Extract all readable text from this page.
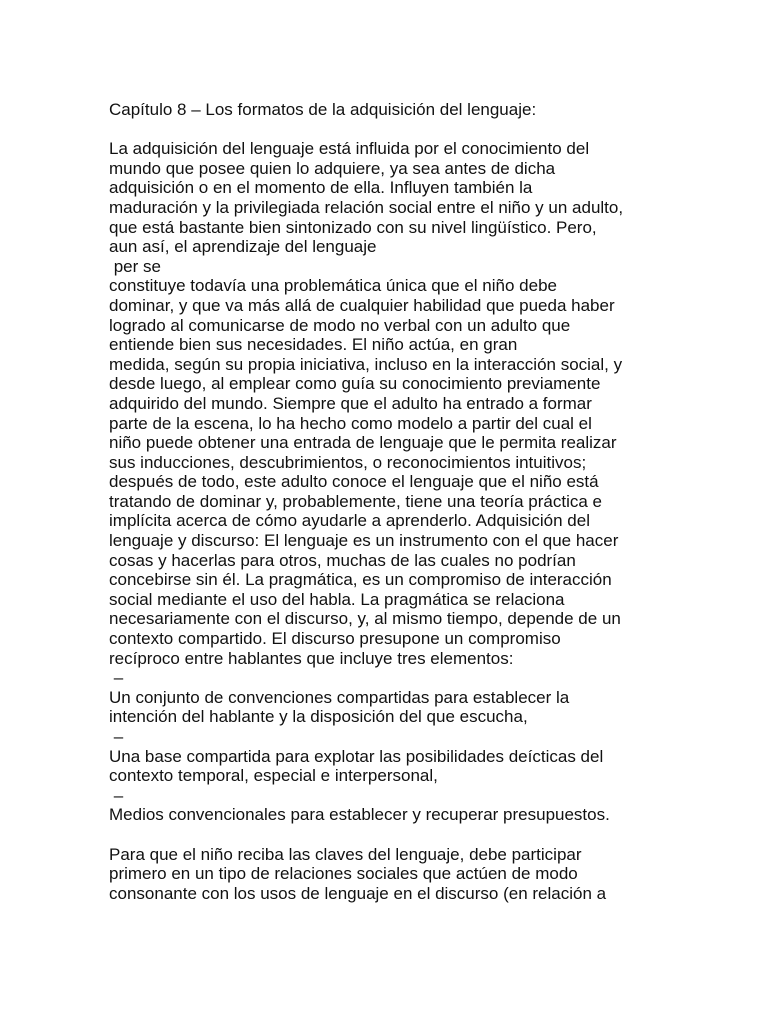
Capítulo 8 – Los formatos de la adquisición del lenguaje:
La adquisición del lenguaje está influida por el conocimiento del
mundo que posee quien lo adquiere, ya sea antes de dicha
adquisición o en el momento de ella. Influyen también la
maduración y la privilegiada relación social entre el niño y un adulto,
que está bastante bien sintonizado con su nivel lingüístico. Pero,
aun así, el aprendizaje del lenguaje
per se
constituye todavía una problemática única que el niño debe
dominar, y que va más allá de cualquier habilidad que pueda haber
logrado al comunicarse de modo no verbal con un adulto que
entiende bien sus necesidades. El niño actúa, en gran
medida, según su propia iniciativa, incluso en la interacción social, y
desde luego, al emplear como guía su conocimiento previamente
adquirido del mundo. Siempre que el adulto ha entrado a formar
parte de la escena, lo ha hecho como modelo a partir del cual el
niño puede obtener una entrada de lenguaje que le permita realizar
sus inducciones, descubrimientos, o reconocimientos intuitivos;
después de todo, este adulto conoce el lenguaje que el niño está
tratando de dominar y, probablemente, tiene una teoría práctica e
implícita acerca de cómo ayudarle a aprenderlo. Adquisición del
lenguaje y discurso: El lenguaje es un instrumento con el que hacer
cosas y hacerlas para otros, muchas de las cuales no podrían
concebirse sin él. La pragmática, es un compromiso de interacción
social mediante el uso del habla. La pragmática se relaciona
necesariamente con el discurso, y, al mismo tiempo, depende de un
contexto compartido. El discurso presupone un compromiso
recíproco entre hablantes que incluye tres elementos:
–
Un conjunto de convenciones compartidas para establecer la
intención del hablante y la disposición del que escucha,
–
Una base compartida para explotar las posibilidades deícticas del
contexto temporal, especial e interpersonal,
–
Medios convencionales para establecer y recuperar presupuestos.
Para que el niño reciba las claves del lenguaje, debe participar
primero en un tipo de relaciones sociales que actúen de modo
consonante con los usos de lenguaje en el discurso (en relación a
